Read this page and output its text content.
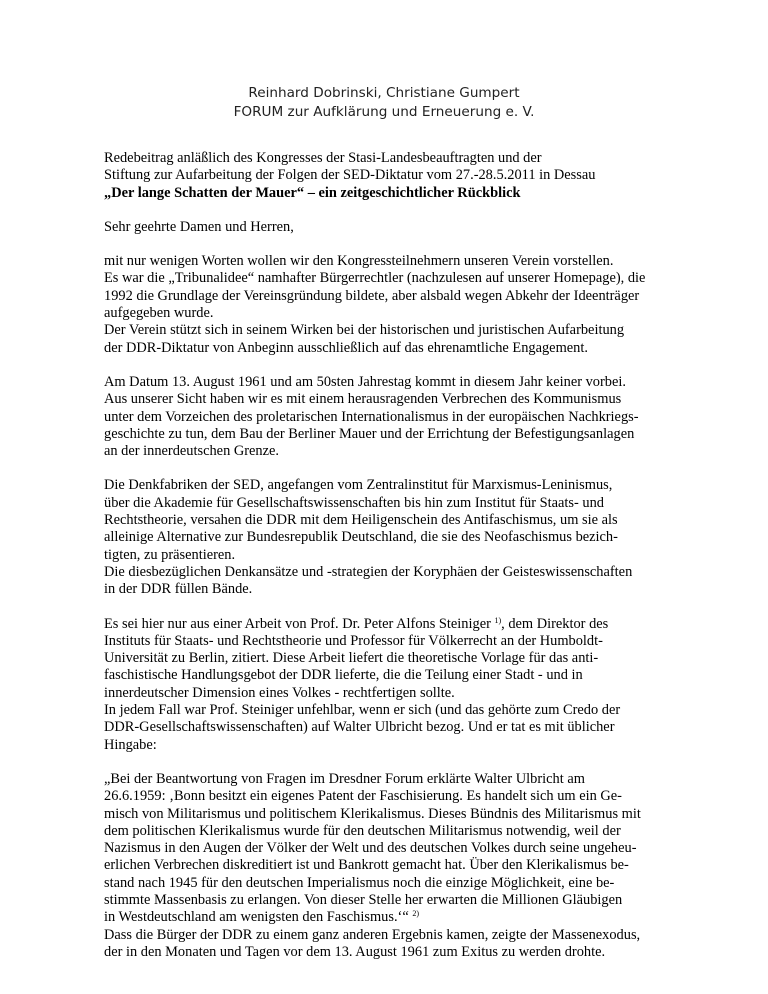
Reinhard Dobrinski, Christiane Gumpert
FORUM zur Aufklärung und Erneuerung e. V.

Redebeitrag anläßlich des Kongresses der Stasi-Landesbeauftragten und der
Stiftung zur Aufarbeitung der Folgen der SED-Diktatur vom 27.-28.5.2011 in Dessau
„Der lange Schatten der Mauer“ – ein zeitgeschichtlicher Rückblick

Sehr geehrte Damen und Herren,

mit nur wenigen Worten wollen wir den Kongressteilnehmern unseren Verein vorstellen.
Es war die „Tribunalidee“ namhafter Bürgerrechtler (nachzulesen auf unserer Homepage), die
1992 die Grundlage der Vereinsgründung bildete, aber alsbald wegen Abkehr der Ideenträger
aufgegeben wurde.
Der Verein stützt sich in seinem Wirken bei der historischen und juristischen Aufarbeitung
der DDR-Diktatur von Anbeginn ausschließlich auf das ehrenamtliche Engagement.

Am Datum 13. August 1961 und am 50sten Jahrestag kommt in diesem Jahr keiner vorbei.
Aus unserer Sicht haben wir es mit einem herausragenden Verbrechen des Kommunismus
unter dem Vorzeichen des proletarischen Internationalismus in der europäischen Nachkriegs-
geschichte zu tun, dem Bau der Berliner Mauer und der Errichtung der Befestigungsanlagen
an der innerdeutschen Grenze.

Die Denkfabriken der SED, angefangen vom Zentralinstitut für Marxismus-Leninismus,
über die Akademie für Gesellschaftswissenschaften bis hin zum Institut für Staats- und
Rechtstheorie, versahen die DDR mit dem Heiligenschein des Antifaschismus, um sie als
alleinige Alternative zur Bundesrepublik Deutschland, die sie des Neofaschismus bezich-
tigten, zu präsentieren.
Die diesbezüglichen Denkansätze und -strategien der Koryphäen der Geisteswissenschaften
in der DDR füllen Bände.

Es sei hier nur aus einer Arbeit von Prof. Dr. Peter Alfons Steiniger $^{1)}$, dem Direktor des
Instituts für Staats- und Rechtstheorie und Professor für Völkerrecht an der Humboldt-
Universität zu Berlin, zitiert. Diese Arbeit liefert die theoretische Vorlage für das anti-
faschistische Handlungsgebot der DDR lieferte, die die Teilung einer Stadt - und in
innerdeutscher Dimension eines Volkes - rechtfertigen sollte.
In jedem Fall war Prof. Steiniger unfehlbar, wenn er sich (und das gehörte zum Credo der
DDR-Gesellschaftswissenschaften) auf Walter Ulbricht bezog. Und er tat es mit üblicher
Hingabe:

„Bei der Beantwortung von Fragen im Dresdner Forum erklärte Walter Ulbricht am
26.6.1959: ‚Bonn besitzt ein eigenes Patent der Faschisierung. Es handelt sich um ein Ge-
misch von Militarismus und politischem Klerikalismus. Dieses Bündnis des Militarismus mit
dem politischen Klerikalismus wurde für den deutschen Militarismus notwendig, weil der
Nazismus in den Augen der Völker der Welt und des deutschen Volkes durch seine ungeheu-
erlichen Verbrechen diskreditiert ist und Bankrott gemacht hat. Über den Klerikalismus be-
stand nach 1945 für den deutschen Imperialismus noch die einzige Möglichkeit, eine be-
stimmte Massenbasis zu erlangen. Von dieser Stelle her erwarten die Millionen Gläubigen
in Westdeutschland am wenigsten den Faschismus.‘“ $^{2)}$
Dass die Bürger der DDR zu einem ganz anderen Ergebnis kamen, zeigte der Massenexodus,
der in den Monaten und Tagen vor dem 13. August 1961 zum Exitus zu werden drohte.
